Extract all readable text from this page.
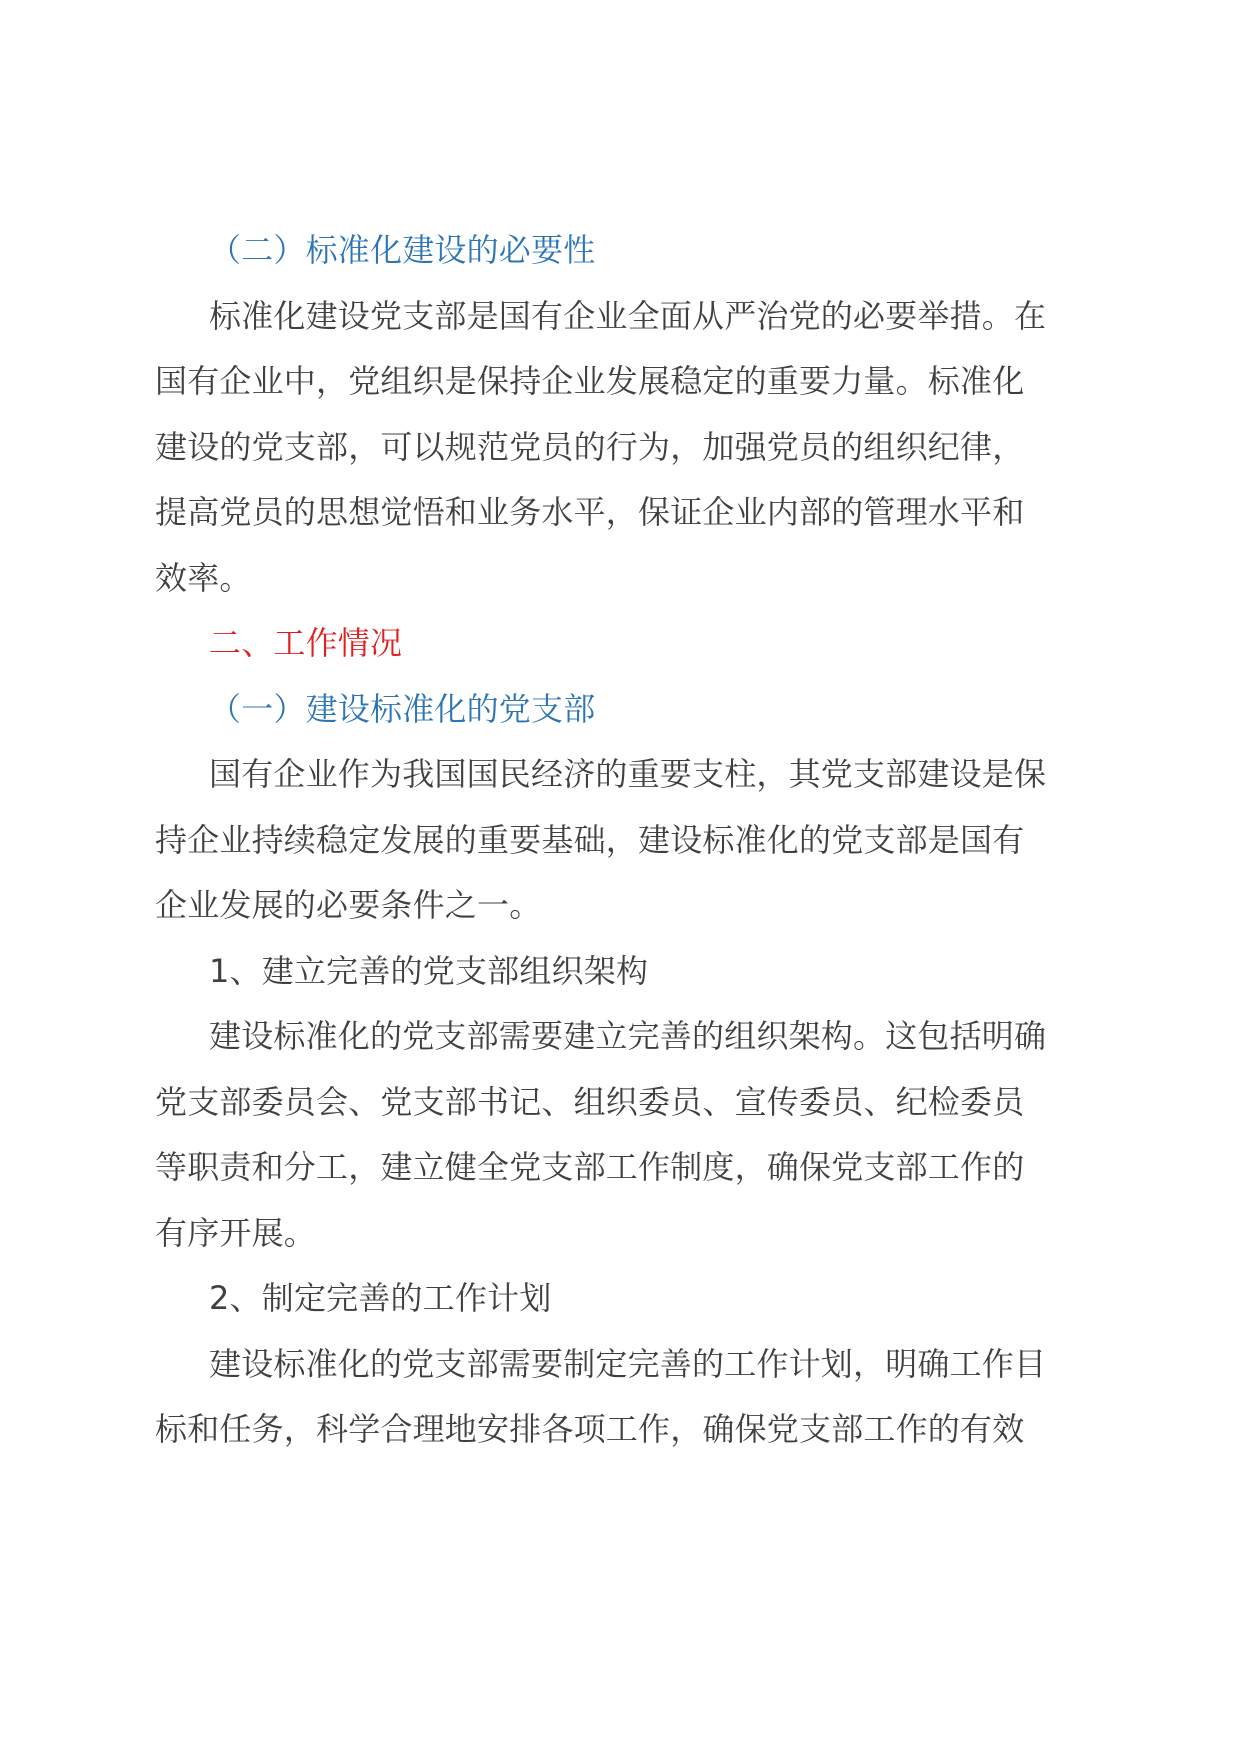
（二）标准化建设的必要性
标准化建设党支部是国有企业全面从严治党的必要举措。在
国有企业中，党组织是保持企业发展稳定的重要力量。标准化
建设的党支部，可以规范党员的行为，加强党员的组织纪律，
提高党员的思想觉悟和业务水平，保证企业内部的管理水平和
效率。
二、工作情况
（一）建设标准化的党支部
国有企业作为我国国民经济的重要支柱，其党支部建设是保
持企业持续稳定发展的重要基础，建设标准化的党支部是国有
企业发展的必要条件之一。
1、建立完善的党支部组织架构
建设标准化的党支部需要建立完善的组织架构。这包括明确
党支部委员会、党支部书记、组织委员、宣传委员、纪检委员
等职责和分工，建立健全党支部工作制度，确保党支部工作的
有序开展。
2、制定完善的工作计划
建设标准化的党支部需要制定完善的工作计划，明确工作目
标和任务，科学合理地安排各项工作，确保党支部工作的有效
